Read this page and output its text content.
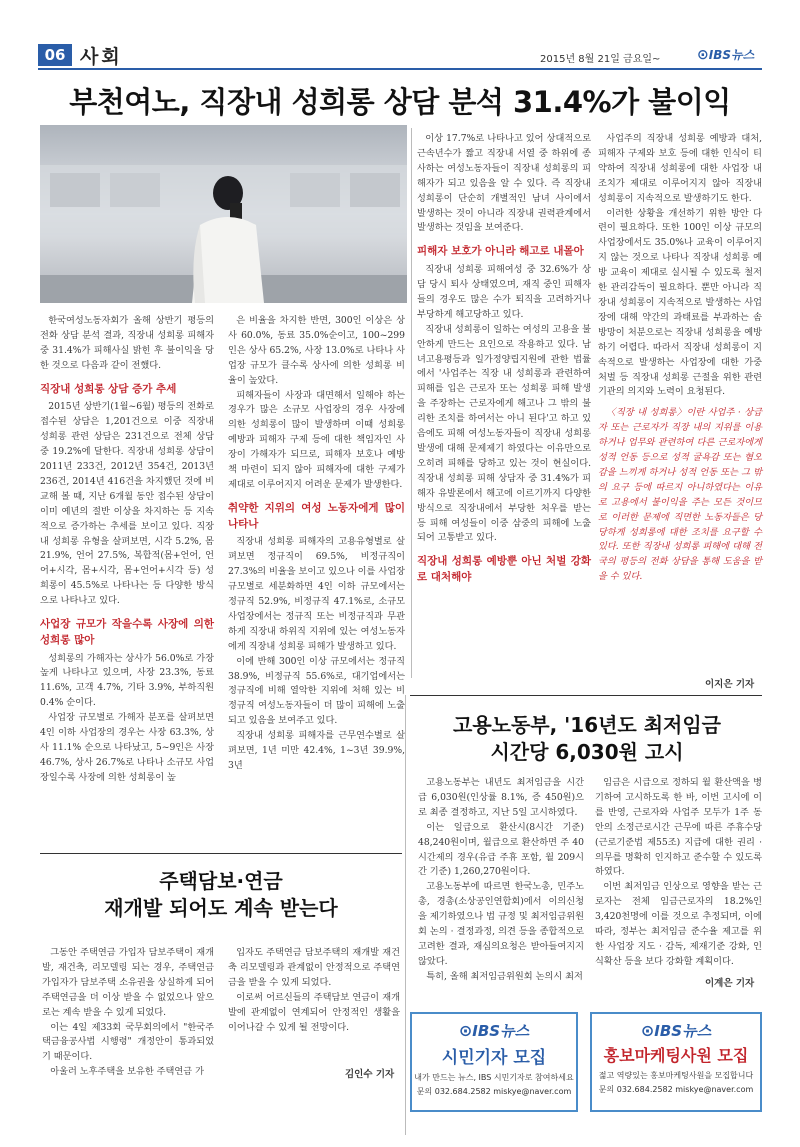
06 사회	2015년 8월 21일 금요일~	⊙IBS뉴스
부천여노, 직장내 성희롱 상담 분석 31.4%가 불이익

한국여성노동자회가 올해 상반기 평등의 전화 상담 분석 결과, 직장내 성희롱 피해자 중 31.4%가 피해사실 밝힌 후 불이익을 당한 것으로 다음과 같이 전했다.

직장내 성희롱 상담 증가 추세

2015년 상반기(1월~6월) 평등의 전화로 접수된 상담은 1,201건으로 이중 직장내 성희롱 관련 상담은 231건으로 전체 상담 중 19.2%에 달한다. 직장내 성희롱 상담이 2011년 233건, 2012년 354건, 2013년 236건, 2014년 416건을 차지했던 것에 비교해 볼 때, 지난 6개월 동안 접수된 상담이 이미 예년의 절반 이상을 차지하는 등 지속적으로 증가하는 추세를 보이고 있다. 직장 내 성희롱 유형을 살펴보면, 시각 5.2%, 몸 21.9%, 언어 27.5%, 복합적(몸+언어, 언어+시각, 몸+시각, 몸+언어+시각 등) 성희롱이 45.5%로 나타나는 등 다양한 방식으로 나타나고 있다.

사업장 규모가 작을수록 사장에 의한 성희롱 많아

성희롱의 가해자는 상사가 56.0%로 가장 높게 나타나고 있으며, 사장 23.3%, 동료 11.6%, 고객 4.7%, 기타 3.9%, 부하직원 0.4% 순이다.

사업장 규모별로 가해자 분포를 살펴보면 4인 이하 사업장의 경우는 사장 63.3%, 상사 11.1% 순으로 나타났고, 5~9인은 사장 46.7%, 상사 26.7%로 나타나 소규모 사업장일수록 사장에 의한 성희롱이 높

은 비율을 차지한 반면, 300인 이상은 상사 60.0%, 동료 35.0%순이고, 100~299인은 상사 65.2%, 사장 13.0%로 나타나 사업장 규모가 클수록 상사에 의한 성희롱 비율이 높았다.

피해자들이 사장과 대면해서 일해야 하는 경우가 많은 소규모 사업장의 경우 사장에 의한 성희롱이 많이 발생하며 이때 성희롱 예방과 피해자 구제 등에 대한 책임자인 사장이 가해자가 되므로, 피해자 보호나 예방책 마련이 되지 않아 피해자에 대한 구제가 제대로 이루어지지 어려운 문제가 발생한다.

취약한 지위의 여성 노동자에게 많이 나타나

직장내 성희롱 피해자의 고용유형별로 살펴보면 정규직이 69.5%, 비정규직이 27.3%의 비율을 보이고 있으나 이를 사업장 규모별로 세분화하면 4인 이하 규모에서는 정규직 52.9%, 비정규직 47.1%로, 소규모 사업장에서는 정규직 또는 비정규직과 무관하게 직장내 하위직 지위에 있는 여성노동자에게 직장내 성희롱 피해가 발생하고 있다.

이에 반해 300인 이상 규모에서는 정규직 38.9%, 비정규직 55.6%로, 대기업에서는 정규직에 비해 열악한 지위에 처해 있는 비정규직 여성노동자들이 더 많이 피해에 노출되고 있음을 보여주고 있다.

직장내 성희롱 피해자를 근무연수별로 살펴보면, 1년 미만 42.4%, 1~3년 39.9%, 3년

이상 17.7%로 나타나고 있어 상대적으로 근속년수가 짧고 직장내 서열 중 하위에 종사하는 여성노동자들이 직장내 성희롱의 피해자가 되고 있음을 알 수 있다. 즉 직장내 성희롱이 단순히 개별적인 남녀 사이에서 발생하는 것이 아니라 직장내 권력관계에서 발생하는 것임을 보여준다.

피해자 보호가 아니라 해고로 내몰아

직장내 성희롱 피해여성 중 32.6%가 상담 당시 퇴사 상태였으며, 재직 중인 피해자들의 경우도 많은 수가 퇴직을 고려하거나 부당하게 해고당하고 있다.

직장내 성희롱이 일하는 여성의 고용을 불안하게 만드는 요인으로 작용하고 있다. 남녀고용평등과 일가정양립지원에 관한 법률에서 '사업주는 직장 내 성희롱과 관련하여 피해를 입은 근로자 또는 성희롱 피해 발생을 주장하는 근로자에게 해고나 그 밖의 불리한 조치를 하여서는 아니 된다'고 하고 있음에도 피해 여성노동자들이 직장내 성희롱 발생에 대해 문제제기 하였다는 이유만으로 오히려 피해를 당하고 있는 것이 현실이다. 직장내 성희롱 피해 상담자 중 31.4%가 피해자 유발론에서 해고에 이르기까지 다양한 방식으로 직장내에서 부당한 처우를 받는 등 피해 여성들이 이중 삼중의 피해에 노출되어 고통받고 있다.

직장내 성희롱 예방뿐 아닌 처벌 강화로 대처해야

사업주의 직장내 성희롱 예방과 대처, 피해자 구제와 보호 등에 대한 인식이 티약하여 직장내 성희롱에 대한 사업장 내 조치가 제대로 이루어지지 않아 직장내 성희롱이 지속적으로 발생하기도 한다.

이러한 상황을 개선하기 위한 방안 다련이 필요하다. 또한 100인 이상 규모의 사업장에서도 35.0%나 교육이 이루어지지 않는 것으로 나타나 직장내 성희롱 예방 교육이 제대로 실시될 수 있도록 철저한 관리감독이 필요하다. 뿐만 아니라 직장내 성희롱이 지속적으로 발생하는 사업장에 대해 약간의 과태료를 부과하는 솜방망이 처분으로는 직장내 성희롱을 예방하기 어렵다. 따라서 직장내 성희롱이 지속적으로 발생하는 사업장에 대한 가중 처벌 등 직장내 성희롱 근절을 위한 관련 기관의 의지와 노력이 요청된다.

〈직장 내 성희롱〉이란 사업주 · 상급자 또는 근로자가 직장 내의 지위를 이용하거나 업무와 관련하여 다른 근로자에게 성적 언동 등으로 성적 굴욕감 또는 혐오감을 느끼게 하거나 성적 언동 또는 그 밖의 요구 등에 따르지 아니하였다는 이유로 고용에서 불이익을 주는 모든 것이므로 이러한 문제에 직면한 노동자들은 당당하게 성희롱에 대한 조치를 요구할 수 있다. 또한 직장내 성희롱 피해에 대해 전국의 평등의 전화 상담을 통해 도움을 받을 수 있다.

이지은 기자
고용노동부, '16년도 최저임금
시간당 6,030원 고시

고용노동부는 내년도 최저임금을 시간급 6,030원(인상률 8.1%, 증 450원)으로 최종 결정하고, 지난 5일 고시하였다.

이는 일급으로 환산시(8시간 기준) 48,240원이며, 월급으로 환산하면 주 40시간제의 경우(유급 주휴 포함, 월 209시간 기준) 1,260,270원이다.

고용노동부에 따르면 한국노총, 민주노총, 경총(소상공인연합회)에서 이의신청을 제기하였으나 법 규정 및 최저임금위원회 논의 · 결정과정, 의견 등을 종합적으로 고려한 결과, 재심의요청은 받아들여지지 않았다.

특히, 올해 최저임금위원회 논의시 최저

임금은 시급으로 정하되 월 환산액을 병기하여 고시하도록 한 바, 이번 고시에 이를 반영, 근로자와 사업주 모두가 1주 동안의 소정근로시간 근무에 따른 주휴수당(근로기준법 제55조) 지급에 대한 권리 · 의무를 명확히 인지하고 준수할 수 있도록 하였다.

이번 최저임금 인상으로 영향을 받는 근로자는 전체 임금근로자의 18.2%인 3,420천명에 이를 것으로 추정되며, 이에 따라, 정부는 최저임금 준수율 제고를 위한 사업장 지도 · 감독, 제재기준 강화, 인식확산 등을 보다 강화할 계획이다.

이계은 기자
주택담보·연금
재개발 되어도 계속 받는다

그동안 주택연금 가입자 담보주택이 재개발, 재건축, 리모델링 되는 경우, 주택연금 가입자가 담보주택 소유권을 상실하게 되어 주택연금을 더 이상 받을 수 없었으나 앞으로는 계속 받을 수 있게 되었다.

이는 4일 제33회 국무회의에서 "한국주택금융공사법 시행령" 개정안이 통과되었기 때문이다.

아울러 노후주택을 보유한 주택연금 가

입자도 주택연금 담보주택의 재개발 재건축 리모델링과 관계없이 안정적으로 주택연금을 받을 수 있게 되었다.

이로써 어르신들의 주택담보 연금이 재개발에 관계없이 연계되어 안정적인 생활을 이어나갈 수 있게 될 전망이다.

김인수 기자
⊙IBS뉴스
시민기자 모집
내가 만드는 뉴스, IBS 시민기자로 참여하세요
문의 032.684.2582 miskye@naver.com
⊙IBS뉴스
홍보마케팅사원 모집
젊고 역량있는 홍보마케팅사원을 모집합니다
문의 032.684.2582 miskye@naver.com
